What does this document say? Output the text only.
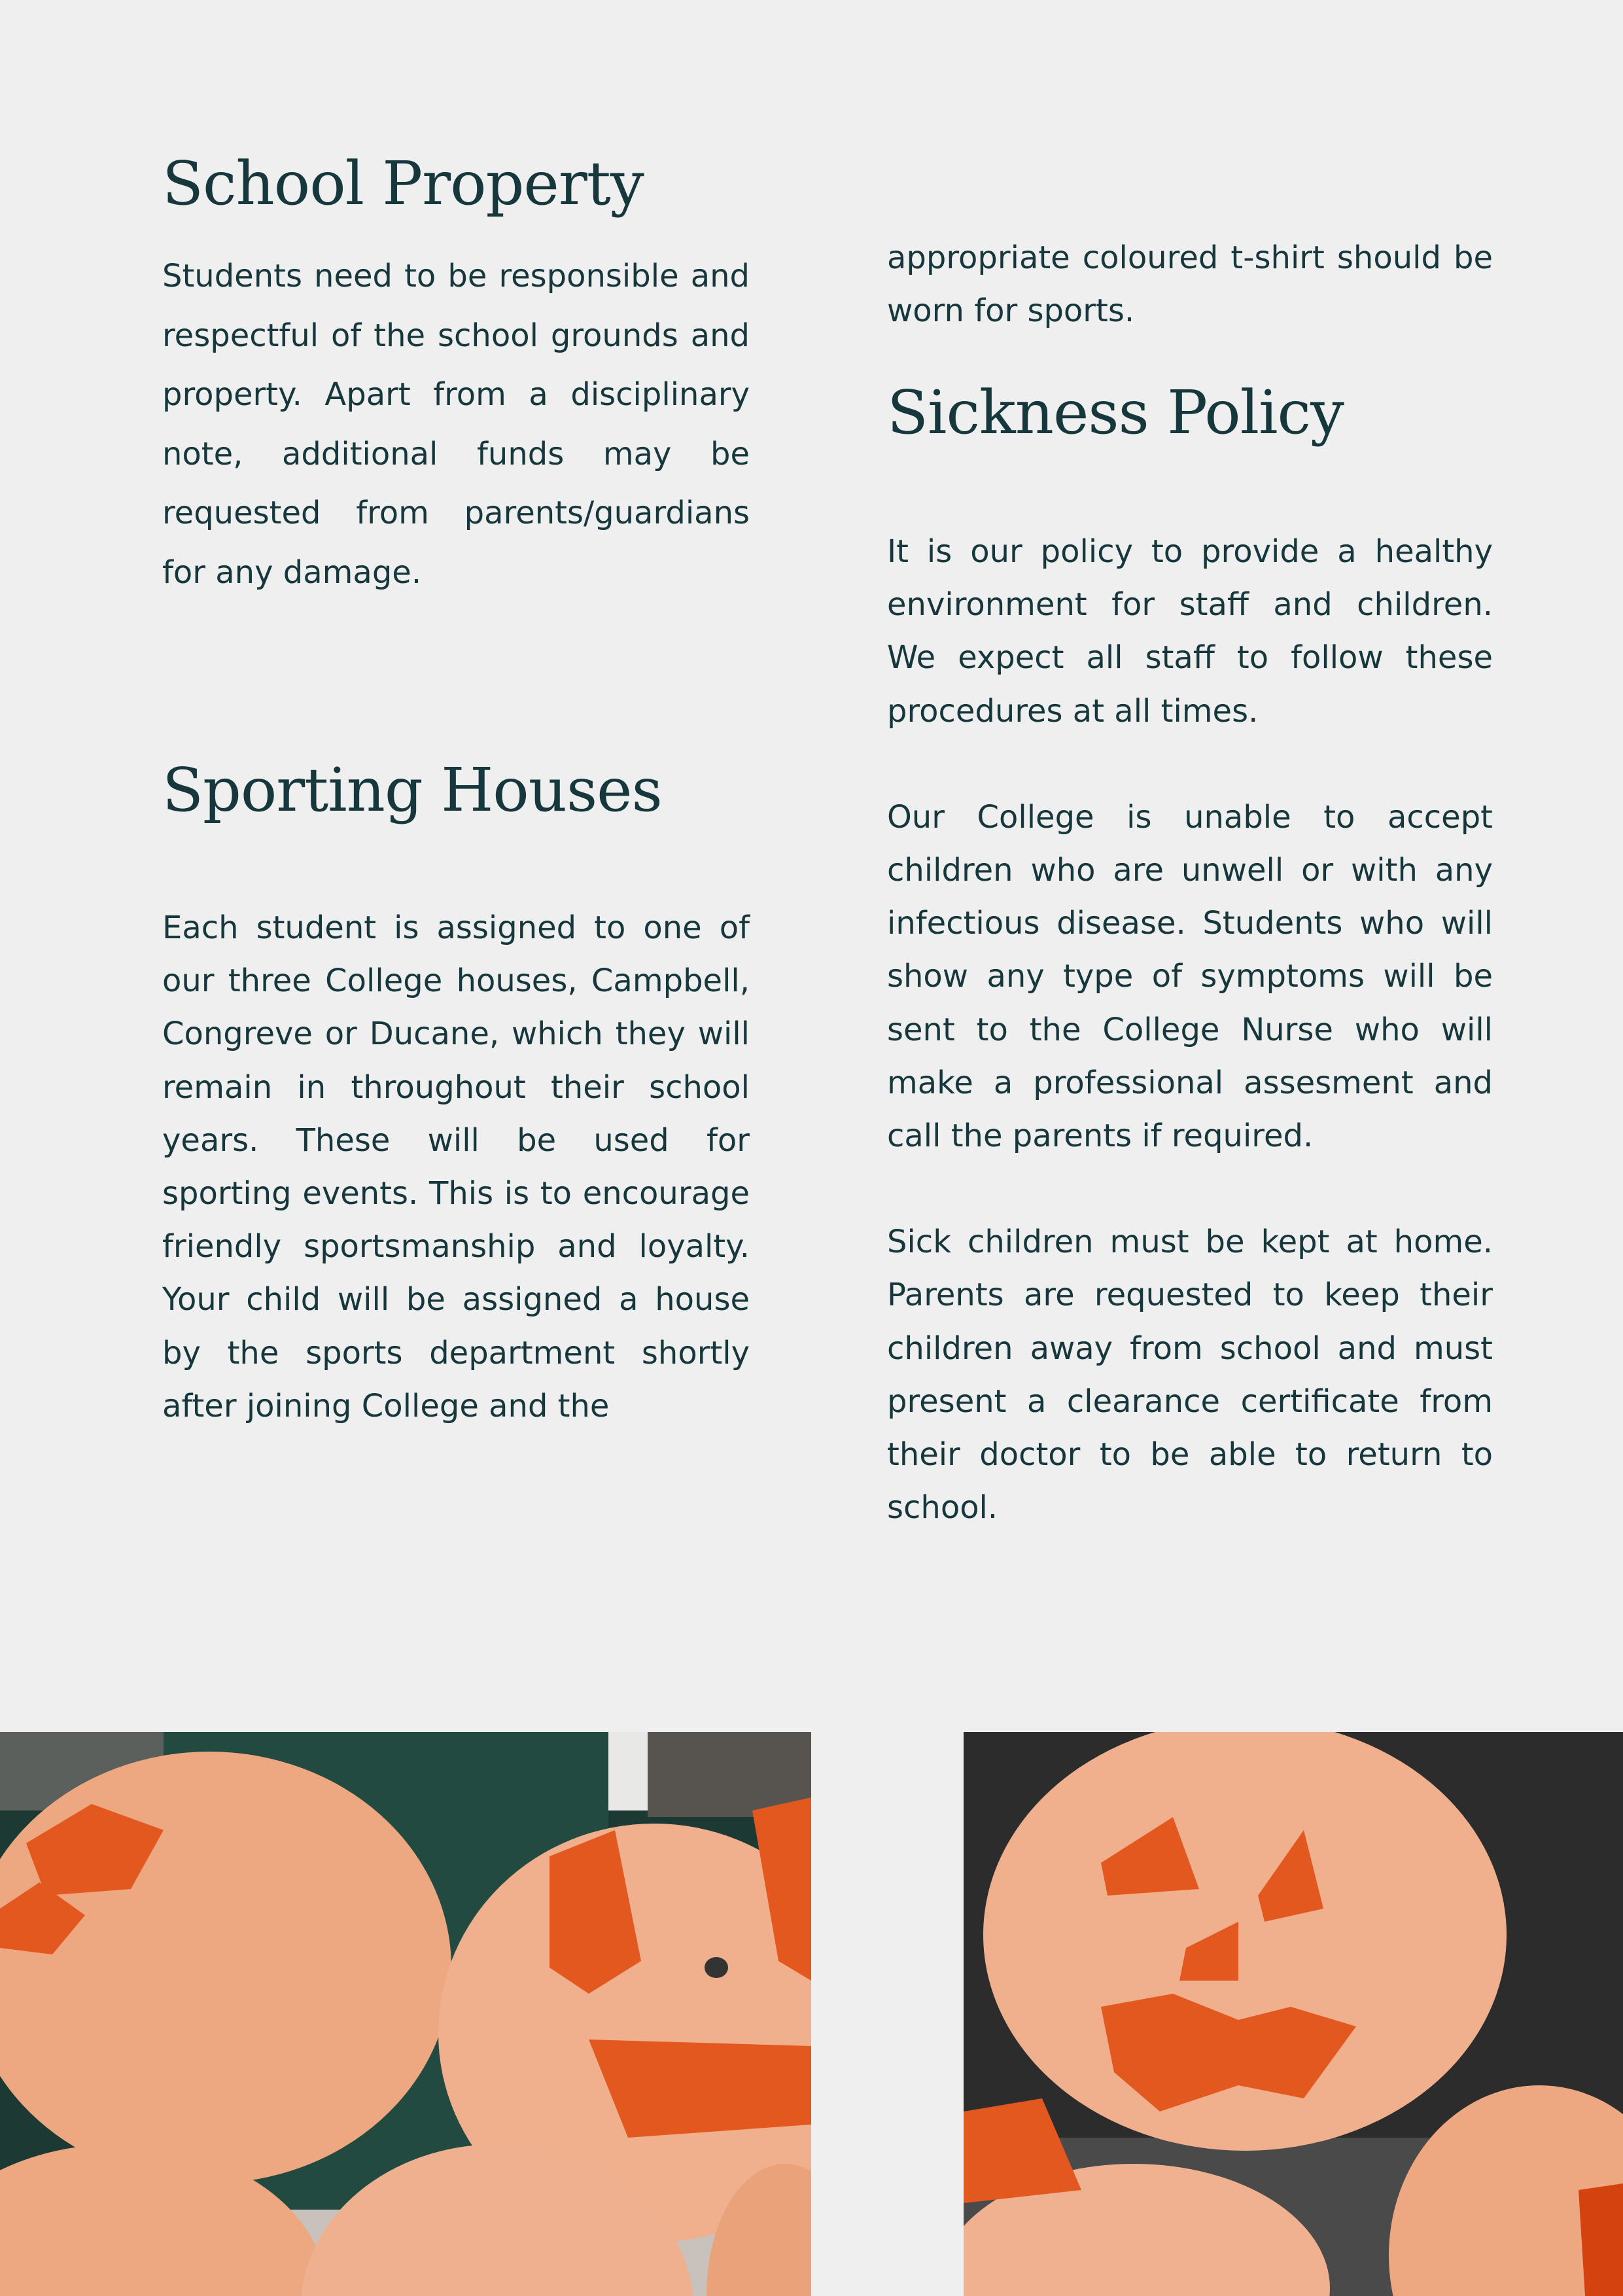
School Property

Students need to be responsible and respectful of the school grounds and property. Apart from a disciplinary note, additional funds may be requested from parents/guardians for any damage.

Sporting Houses

Each student is assigned to one of our three College houses, Campbell, Congreve or Ducane, which they will remain in throughout their school years. These will be used for sporting events. This is to encourage friendly sportsmanship and loyalty. Your child will be assigned a house by the sports department shortly after joining College and the

appropriate coloured t-shirt should be worn for sports.

Sickness Policy

It is our policy to provide a healthy environment for staff and children. We expect all staff to follow these procedures at all times.

Our College is unable to accept children who are unwell or with any infectious disease. Students who will show any type of symptoms will be sent to the College Nurse who will make a professional assesment and call the parents if required.

Sick children must be kept at home. Parents are requested to keep their children away from school and must present a clearance certificate from their doctor to be able to return to school.
